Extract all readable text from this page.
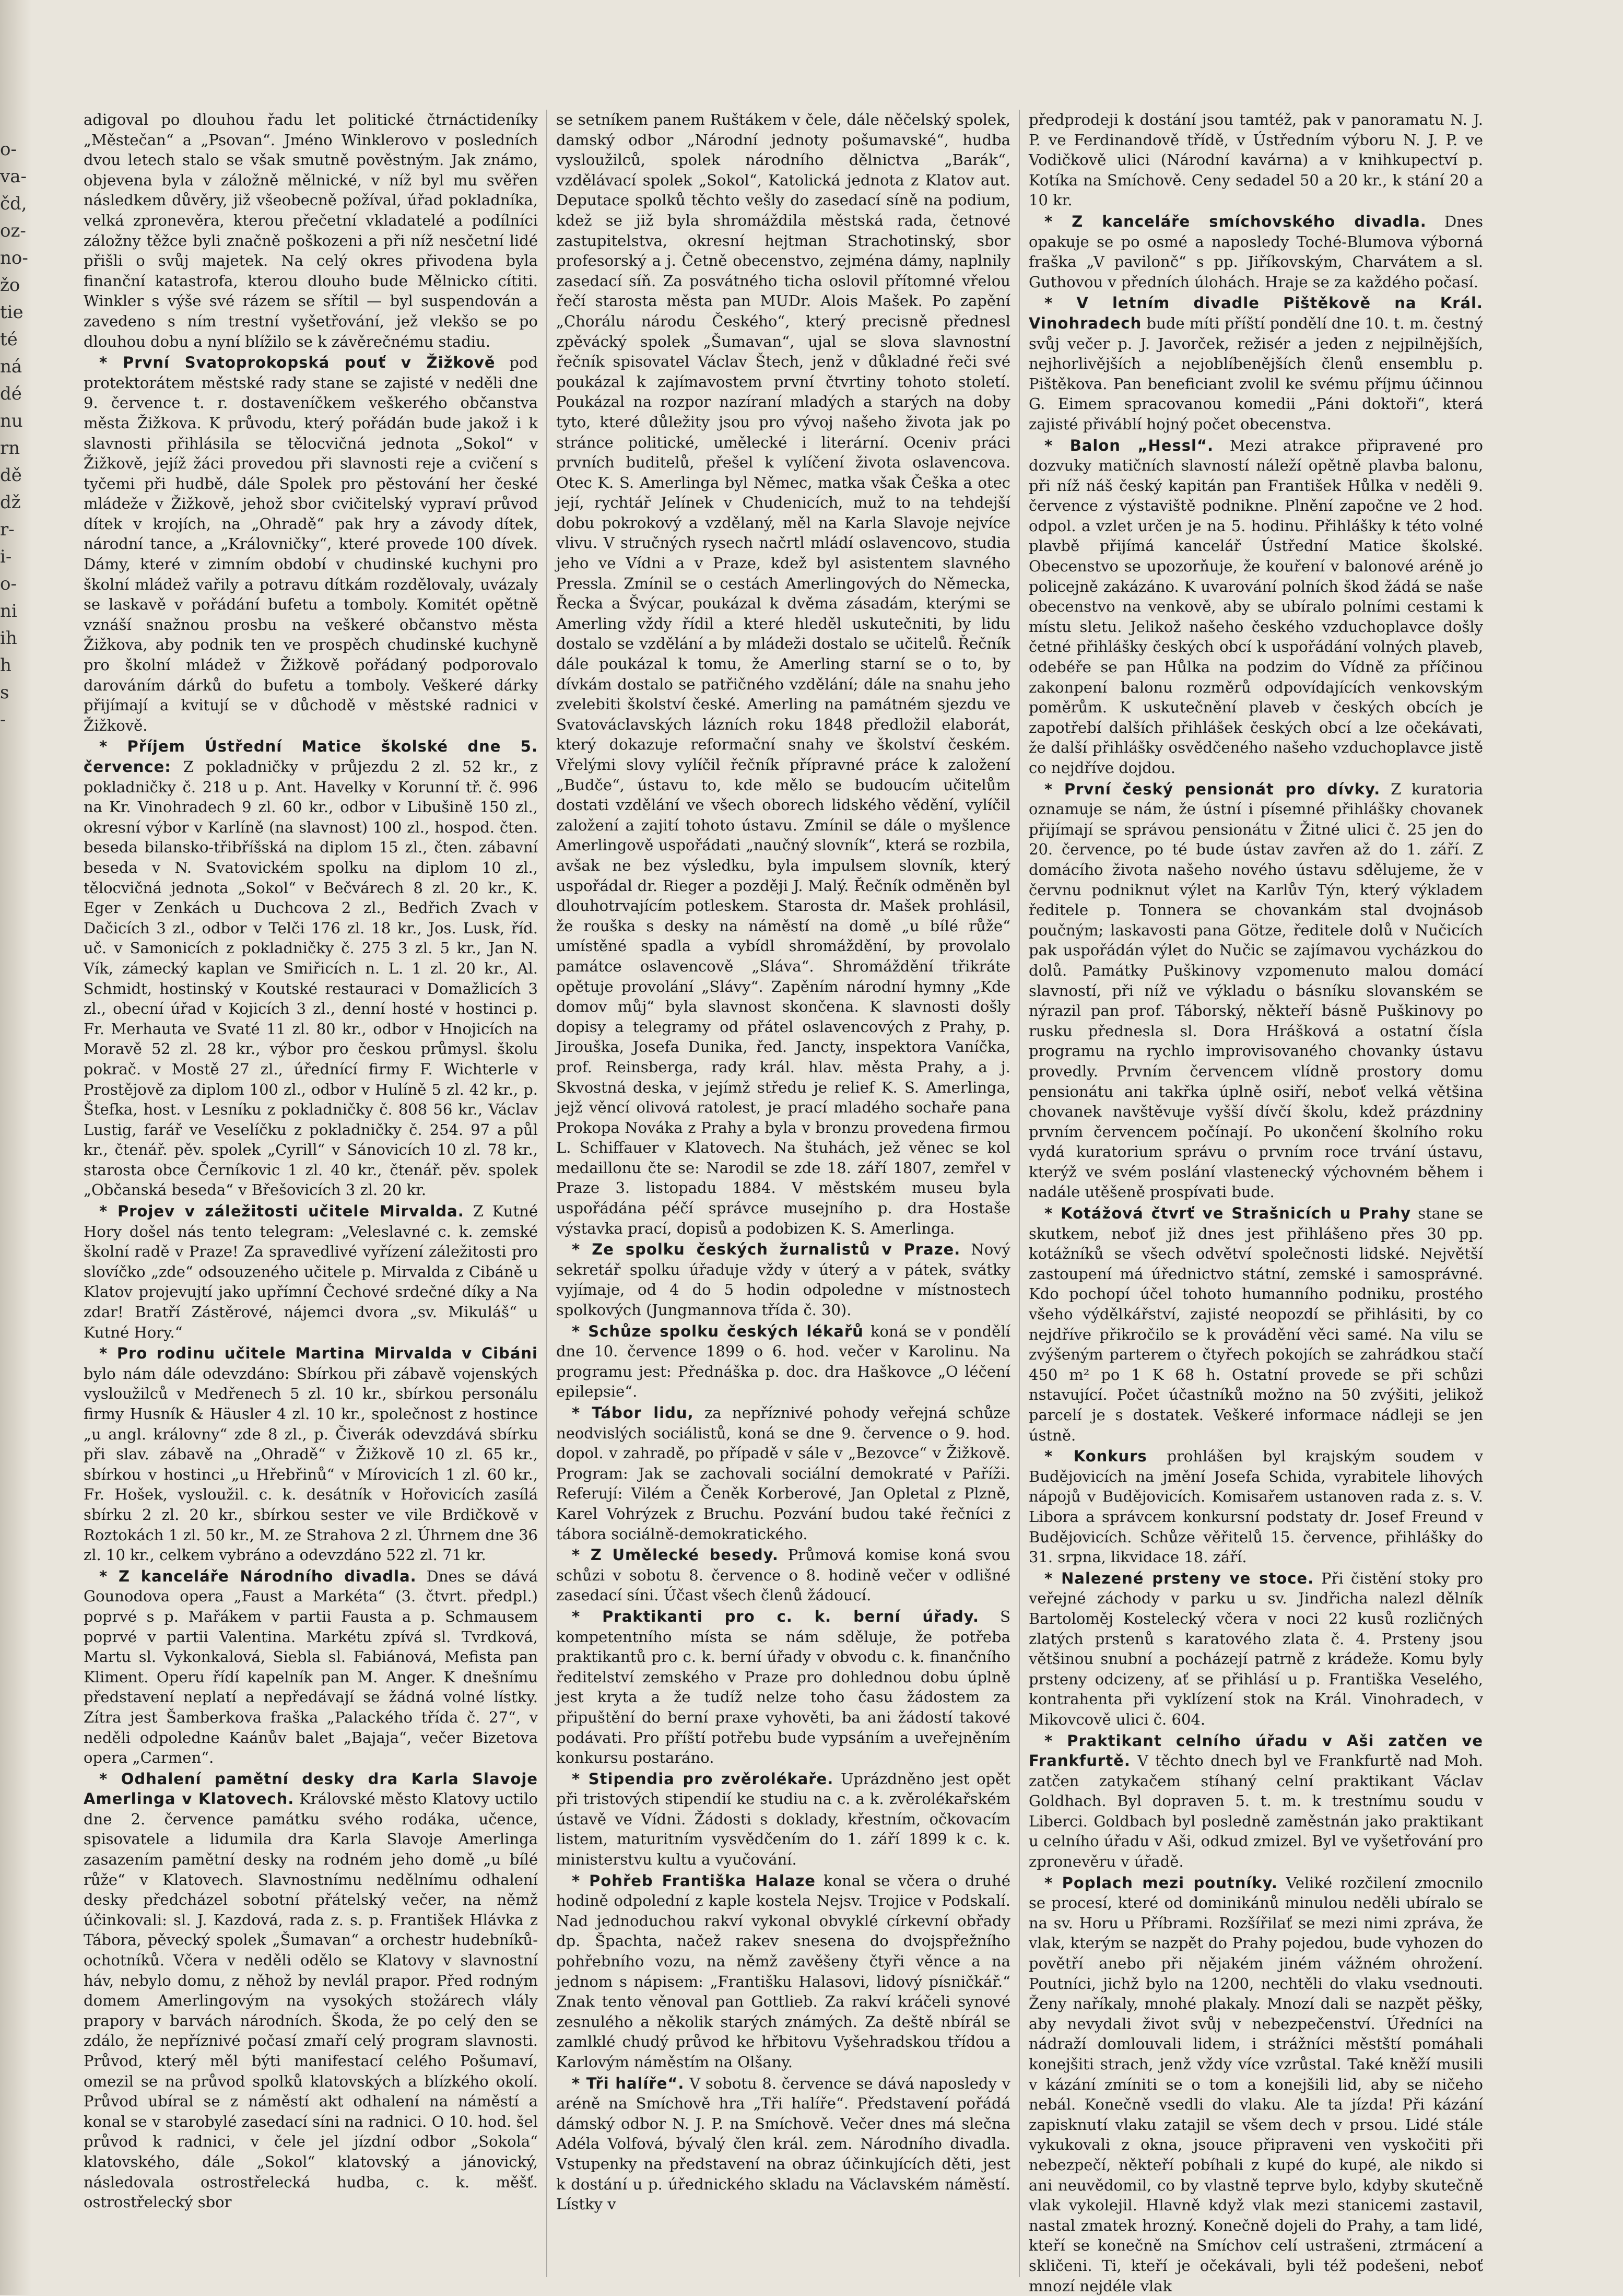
o-
va-
čd,
oz-
no-
žo
tie
té
ná
dé
nu
rn
dě
dž
r-
i-
o-
ni
ih
h
s
-

adigoval po dlouhou řadu let politické čtrnáctideníky „Městečan“ a „Psovan“. Jméno Winklerovo v posledních dvou letech stalo se však smutně pověstným. Jak známo, objevena byla v záložně mělnické, v níž byl mu svěřen následkem důvěry, již všeobecně požíval, úřad pokladníka, velká zpronevěra, kterou přečetní vkladatelé a podílníci záložny těžce byli značně poškozeni a při níž nesčetní lidé přišli o svůj majetek. Na celý okres přivodena byla finanční katastrofa, kterou dlouho bude Mělnicko cítiti. Winkler s výše své rázem se sřítil — byl suspendován a zavedeno s ním trestní vyšetřování, jež vlekšo se po dlouhou dobu a nyní blížilo se k závěrečnému stadiu.

* První Svatoprokopská pouť v Žižkově pod protektorátem městské rady stane se zajisté v neděli dne 9. července t. r. dostaveníčkem veškerého občanstva města Žižkova. K průvodu, který pořádán bude jakož i k slavnosti přihlásila se tělocvičná jednota „Sokol“ v Žižkově, jejíž žáci provedou při slavnosti reje a cvičení s tyčemi při hudbě, dále Spolek pro pěstování her české mládeže v Žižkově, jehož sbor cvičitelský vypraví průvod dítek v krojích, na „Ohradě“ pak hry a závody dítek, národní tance, a „Královničky“, které provede 100 dívek. Dámy, které v zimním období v chudinské kuchyni pro školní mládež vařily a potravu dítkám rozdělovaly, uvázaly se laskavě v pořádání bufetu a tomboly. Komitét opětně vznáší snažnou prosbu na veškeré občanstvo města Žižkova, aby podnik ten ve prospěch chudinské kuchyně pro školní mládež v Žižkově pořádaný podporovalo darováním dárků do bufetu a tomboly. Veškeré dárky přijímají a kvitují se v důchodě v městské radnici v Žižkově.

* Příjem Ústřední Matice školské dne 5. července: Z pokladničky v průjezdu 2 zl. 52 kr., z pokladničky č. 218 u p. Ant. Havelky v Korunní tř. č. 996 na Kr. Vinohradech 9 zl. 60 kr., odbor v Libušině 150 zl., okresní výbor v Karlíně (na slavnost) 100 zl., hospod. čten. beseda bilansko-třibříšská na diplom 15 zl., čten. zábavní beseda v N. Svatovickém spolku na diplom 10 zl., tělocvičná jednota „Sokol“ v Bečvárech 8 zl. 20 kr., K. Eger v Zenkách u Duchcova 2 zl., Bedřich Zvach v Dačicích 3 zl., odbor v Telči 176 zl. 18 kr., Jos. Lusk, říd. uč. v Samonicích z pokladničky č. 275 3 zl. 5 kr., Jan N. Vík, zámecký kaplan ve Smiřicích n. L. 1 zl. 20 kr., Al. Schmidt, hostinský v Koutské restauraci v Domažlicích 3 zl., obecní úřad v Kojicích 3 zl., denní hosté v hostinci p. Fr. Merhauta ve Svaté 11 zl. 80 kr., odbor v Hnojicích na Moravě 52 zl. 28 kr., výbor pro českou průmysl. školu pokrač. v Mostě 27 zl., úřednící firmy F. Wichterle v Prostějově za diplom 100 zl., odbor v Hulíně 5 zl. 42 kr., p. Štefka, host. v Lesníku z pokladničky č. 808 56 kr., Václav Lustig, farář ve Veselíčku z pokladničky č. 254. 97 a půl kr., čtenář. pěv. spolek „Cyrill“ v Sánovicích 10 zl. 78 kr., starosta obce Černíkovic 1 zl. 40 kr., čtenář. pěv. spolek „Občanská beseda“ v Břešovicích 3 zl. 20 kr.

* Projev v záležitosti učitele Mirvalda. Z Kutné Hory došel nás tento telegram: „Veleslavné c. k. zemské školní radě v Praze! Za spravedlivé vyřízení záležitosti pro slovíčko „zde“ odsouzeného učitele p. Mirvalda z Cibáně u Klatov projevujtí jako upřímní Čechové srdečné díky a Na zdar! Bratří Zástěrové, nájemci dvora „sv. Mikuláš“ u Kutné Hory.“

* Pro rodinu učitele Martina Mirvalda v Cibáni bylo nám dále odevzdáno: Sbírkou při zábavě vojenských vysloužilců v Medřenech 5 zl. 10 kr., sbírkou personálu firmy Husník & Häusler 4 zl. 10 kr., společnost z hostince „u angl. královny“ zde 8 zl., p. Čiverák odevzdává sbírku při slav. zábavě na „Ohradě“ v Žižkově 10 zl. 65 kr., sbírkou v hostinci „u Hřebřinů“ v Mírovicích 1 zl. 60 kr., Fr. Hošek, vysloužil. c. k. desátník v Hořovicích zasílá sbírku 2 zl. 20 kr., sbírkou sester ve vile Brdičkově v Roztokách 1 zl. 50 kr., M. ze Strahova 2 zl. Úhrnem dne 36 zl. 10 kr., celkem vybráno a odevzdáno 522 zl. 71 kr.

* Z kanceláře Národního divadla. Dnes se dává Gounodova opera „Faust a Markéta“ (3. čtvrt. předpl.) poprvé s p. Mařákem v partii Fausta a p. Schmausem poprvé v partii Valentina. Markétu zpívá sl. Tvrdková, Martu sl. Vykonkalová, Siebla sl. Fabiánová, Mefista pan Kliment. Operu řídí kapelník pan M. Anger. K dnešnímu představení neplatí a nepředávají se žádná volné lístky. Zítra jest Šamberkova fraška „Palackého třída č. 27“, v neděli odpoledne Kaánův balet „Bajaja“, večer Bizetova opera „Carmen“.

* Odhalení pamětní desky dra Karla Slavoje Amerlinga v Klatovech. Královské město Klatovy uctilo dne 2. července památku svého rodáka, učence, spisovatele a lidumila dra Karla Slavoje Amerlinga zasazením pamětní desky na rodném jeho domě „u bílé růže“ v Klatovech. Slavnostnímu nedělnímu odhalení desky předcházel sobotní přátelský večer, na němž účinkovali: sl. J. Kazdová, rada z. s. p. František Hlávka z Tábora, pěvecký spolek „Šumavan“ a orchestr hudebníků-ochotníků. Včera v neděli odělo se Klatovy v slavnostní háv, nebylo domu, z něhož by nevlál prapor. Před rodným domem Amerlingovým na vysokých stožárech vlály prapory v barvách národních. Škoda, že po celý den se zdálo, že nepříznivé počasí zmaří celý program slavnosti. Průvod, který měl býti manifestací celého Pošumaví, omezil se na průvod spolků klatovských a blízkého okolí. Průvod ubíral se z náměstí akt odhalení na náměstí a konal se v starobylé zasedací síni na radnici. O 10. hod. šel průvod k radnici, v čele jel jízdní odbor „Sokola“ klatovského, dále „Sokol“ klatovský a jánovický, následovala ostrostřelecká hudba, c. k. měšť. ostrostřelecký sbor

se setníkem panem Ruštákem v čele, dále něčelský spolek, damský odbor „Národní jednoty pošumavské“, hudba vysloužilců, spolek národního dělnictva „Barák“, vzdělávací spolek „Sokol“, Katolická jednota z Klatov aut. Deputace spolků těchto vešly do zasedací síně na podium, kdež se již byla shromáždila městská rada, četnové zastupitelstva, okresní hejtman Strachotinský, sbor profesorský a j. Četně obecenstvo, zejména dámy, naplnily zasedací síň. Za posvátného ticha oslovil přítomné vřelou řečí starosta města pan MUDr. Alois Mašek. Po zapění „Chorálu národu Českého“, který precisně přednesl zpěvácký spolek „Šumavan“, ujal se slova slavnostní řečník spisovatel Václav Štech, jenž v důkladné řeči své poukázal k zajímavostem první čtvrtiny tohoto století. Poukázal na rozpor nazíraní mladých a starých na doby tyto, které důležity jsou pro vývoj našeho života jak po stránce politické, umělecké i literární. Oceniv práci prvních buditelů, přešel k vylíčení života oslavencova. Otec K. S. Amerlinga byl Němec, matka však Češka a otec její, rychtář Jelínek v Chudenicích, muž to na tehdejší dobu pokrokový a vzdělaný, měl na Karla Slavoje nejvíce vlivu. V stručných rysech načrtl mládí oslavencovo, studia jeho ve Vídni a v Praze, kdež byl asistentem slavného Pressla. Zmínil se o cestách Amerlingových do Německa, Řecka a Švýcar, poukázal k dvěma zásadám, kterými se Amerling vždy řídil a které hleděl uskutečniti, by lidu dostalo se vzdělání a by mládeži dostalo se učitelů. Řečník dále poukázal k tomu, že Amerling starní se o to, by dívkám dostalo se patřičného vzdělání; dále na snahu jeho zvelebiti školství české. Amerling na památném sjezdu ve Svatováclavských lázních roku 1848 předložil elaborát, který dokazuje reformační snahy ve školství českém. Vřelými slovy vylíčil řečník přípravné práce k založení „Budče“, ústavu to, kde mělo se budoucím učitelům dostati vzdělání ve všech oborech lidského vědění, vylíčil založení a zajití tohoto ústavu. Zmínil se dále o myšlence Amerlingově uspořádati „naučný slovník“, která se rozbila, avšak ne bez výsledku, byla impulsem slovník, který uspořádal dr. Rieger a později J. Malý. Řečník odměněn byl dlouhotrvajícím potleskem. Starosta dr. Mašek prohlásil, že rouška s desky na náměstí na domě „u bílé růže“ umístěné spadla a vybídl shromáždění, by provolalo památce oslavencově „Sláva“. Shromáždění třikráte opětuje provolání „Slávy“. Zapěním národní hymny „Kde domov můj“ byla slavnost skončena. K slavnosti došly dopisy a telegramy od přátel oslavencových z Prahy, p. Jirouška, Josefa Dunika, řed. Jancty, inspektora Vaníčka, prof. Reinsberga, rady král. hlav. města Prahy, a j. Skvostná deska, v jejímž středu je relief K. S. Amerlinga, jejž věncí olivová ratolest, je prací mladého sochaře pana Prokopa Nováka z Prahy a byla v bronzu provedena firmou L. Schiffauer v Klatovech. Na štuhách, jež věnec se kol medaillonu čte se: Narodil se zde 18. září 1807, zemřel v Praze 3. listopadu 1884. V městském museu byla uspořádána péčí správce musejního p. dra Hostaše výstavka prací, dopisů a podobizen K. S. Amerlinga.

* Ze spolku českých žurnalistů v Praze. Nový sekretář spolku úřaduje vždy v úterý a v pátek, svátky vyjímaje, od 4 do 5 hodin odpoledne v místnostech spolkových (Jungmannova třída č. 30).

* Schůze spolku českých lékařů koná se v pondělí dne 10. července 1899 o 6. hod. večer v Karolinu. Na programu jest: Přednáška p. doc. dra Haškovce „O léčení epilepsie“.

* Tábor lidu, za nepříznivé pohody veřejná schůze neodvislých sociálistů, koná se dne 9. července o 9. hod. dopol. v zahradě, po případě v sále v „Bezovce“ v Žižkově. Program: Jak se zachovali sociální demokraté v Paříži. Referují: Vilém a Čeněk Korberové, Jan Opletal z Plzně, Karel Vohrýzek z Bruchu. Pozvání budou také řečníci z tábora sociálně-demokratického.

* Z Umělecké besedy. Průmová komise koná svou schůzi v sobotu 8. července o 8. hodině večer v odlišné zasedací síni. Účast všech členů žádoucí.

* Praktikanti pro c. k. berní úřady. S kompetentního místa se nám sděluje, že potřeba praktikantů pro c. k. berní úřady v obvodu c. k. finančního ředitelství zemského v Praze pro dohlednou dobu úplně jest kryta a že tudíž nelze toho času žádostem za připuštění do berní praxe vyhověti, ba ani žádostí takové podávati. Pro příští potřebu bude vypsáním a uveřejněním konkursu postaráno.

* Stipendia pro zvěrolékaře. Uprázdněno jest opět při tristových stipendií ke studiu na c. a k. zvěrolékařském ústavě ve Vídni. Žádosti s doklady, křestním, očkovacím listem, maturitním vysvědčením do 1. září 1899 k c. k. ministerstvu kultu a vyučování.

* Pohřeb Františka Halaze konal se včera o druhé hodině odpolední z kaple kostela Nejsv. Trojice v Podskalí. Nad jednoduchou rakví vykonal obvyklé církevní obřady dp. Špachta, načež rakev snesena do dvojspřežního pohřebního vozu, na němž zavěšeny čtyři věnce a na jednom s nápisem: „Františku Halasovi, lidový písničkář.“ Znak tento věnoval pan Gottlieb. Za rakví kráčeli synové zesnulého a několik starých známých. Za deště nbírál se zamlklé chudý průvod ke hřbitovu Vyšehradskou třídou a Karlovým náměstím na Olšany.

* Tři halíře“. V sobotu 8. července se dává naposledy v aréně na Smíchově hra „Tři halíře“. Představení pořádá dámský odbor N. J. P. na Smíchově. Večer dnes má slečna Adéla Volfová, bývalý člen král. zem. Národního divadla. Vstupenky na představení na obraz účinkujících děti, jest k dostání u p. úřednického skladu na Václavském náměstí. Lístky v

předprodeji k dostání jsou tamtéž, pak v panoramatu N. J. P. ve Ferdinandově třídě, v Ústředním výboru N. J. P. ve Vodičkově ulici (Národní kavárna) a v knihkupectví p. Kotíka na Smíchově. Ceny sedadel 50 a 20 kr., k stání 20 a 10 kr.

* Z kanceláře smíchovského divadla. Dnes opakuje se po osmé a naposledy Toché-Blumova výborná fraška „V pavilonč“ s pp. Jiříkovským, Charvátem a sl. Guthovou v předních úlohách. Hraje se za každého počasí.

* V letním divadle Pištěkově na Král. Vinohradech bude míti příští pondělí dne 10. t. m. čestný svůj večer p. J. Javorček, režisér a jeden z nejpilnějších, nejhorlivějších a nejoblíbenějších členů ensemblu p. Pištěkova. Pan beneficiant zvolil ke svému příjmu účinnou G. Eimem spracovanou komedii „Páni doktoři“, která zajisté přiváblí hojný počet obecenstva.

* Balon „Hessl“. Mezi atrakce připravené pro dozvuky matičních slavností náleží opětně plavba balonu, při níž náš český kapitán pan František Hůlka v neděli 9. července z výstaviště podnikne. Plnění započne ve 2 hod. odpol. a vzlet určen je na 5. hodinu. Přihlášky k této volné plavbě přijímá kancelář Ústřední Matice školské. Obecenstvo se upozorňuje, že kouření v balonové aréně jo policejně zakázáno. K uvarování polních škod žádá se naše obecenstvo na venkově, aby se ubíralo polními cestami k místu sletu. Jelikož našeho českého vzduchoplavce došly četné přihlášky českých obcí k uspořádání volných plaveb, odebéře se pan Hůlka na podzim do Vídně za příčinou zakonpení balonu rozměrů odpovídajících venkovským poměrům. K uskutečnění plaveb v českých obcích je zapotřebí dalších přihlášek českých obcí a lze očekávati, že další přihlášky osvědčeného našeho vzduchoplavce jistě co nejdříve dojdou.

* První český pensionát pro dívky. Z kuratoria oznamuje se nám, že ústní i písemné přihlášky chovanek přijímají se správou pensionátu v Žitné ulici č. 25 jen do 20. července, po té bude ústav zavřen až do 1. září. Z domácího života našeho nového ústavu sdělujeme, že v červnu podniknut výlet na Karlův Týn, který výkladem ředitele p. Tonnera se chovankám stal dvojnásob poučným; laskavosti pana Götze, ředitele dolů v Nučicích pak uspořádán výlet do Nučic se zajímavou vycházkou do dolů. Památky Puškinovy vzpomenuto malou domácí slavností, při níž ve výkladu o básníku slovanském se nýrazil pan prof. Táborský, někteří básně Puškinovy po rusku přednesla sl. Dora Hrášková a ostatní čísla programu na rychlo improvisovaného chovanky ústavu provedly. Prvním červencem vlídně prostory domu pensionátu ani takřka úplně osiří, neboť velká většina chovanek navštěvuje vyšší dívčí školu, kdež prázdniny prvním červencem počínají. Po ukončení školního roku vydá kuratorium správu o prvním roce trvání ústavu, kterýž ve svém poslání vlastenecký výchovném během i nadále utěšeně prospívati bude.

* Kotážová čtvrť ve Strašnicích u Prahy stane se skutkem, neboť již dnes jest přihlášeno přes 30 pp. kotážníků se všech odvětví společnosti lidské. Největší zastoupení má úřednictvo státní, zemské i samosprávné. Kdo pochopí účel tohoto humanního podniku, prostého všeho výdělkářství, zajisté neopozdí se přihlásiti, by co nejdříve přikročilo se k provádění věci samé. Na vilu se zvýšeným parterem o čtyřech pokojích se zahrádkou stačí 450 m² po 1 K 68 h. Ostatní provede se při schůzi nstavující. Počet účastníků možno na 50 zvýšiti, jelikož parcelí je s dostatek. Veškeré informace nádleji se jen ústně.

* Konkurs prohlášen byl krajským soudem v Budějovicích na jmění Josefa Schida, vyrabitele lihových nápojů v Budějovicích. Komisařem ustanoven rada z. s. V. Libora a správcem konkursní podstaty dr. Josef Freund v Budějovicích. Schůze věřitelů 15. července, přihlášky do 31. srpna, likvidace 18. září.

* Nalezené prsteny ve stoce. Při čistění stoky pro veřejné záchody v parku u sv. Jindřicha nalezl dělník Bartoloměj Kostelecký včera v noci 22 kusů rozličných zlatých prstenů s karatového zlata č. 4. Prsteny jsou většinou snubní a pocházejí patrně z krádeže. Komu byly prsteny odcizeny, ať se přihlásí u p. Františka Veselého, kontrahenta při vyklízení stok na Král. Vinohradech, v Mikovcově ulici č. 604.

* Praktikant celního úřadu v Aši zatčen ve Frankfurtě. V těchto dnech byl ve Frankfurtě nad Moh. zatčen zatykačem stíhaný celní praktikant Václav Goldhach. Byl dopraven 5. t. m. k trestnímu soudu v Liberci. Goldbach byl posledně zaměstnán jako praktikant u celního úřadu v Aši, odkud zmizel. Byl ve vyšetřování pro zpronevěru v úřadě.

* Poplach mezi poutníky. Veliké rozčilení zmocnilo se procesí, které od dominikánů minulou neděli ubíralo se na sv. Horu u Příbrami. Rozšířilať se mezi nimi zpráva, že vlak, kterým se nazpět do Prahy pojedou, bude vyhozen do povětří anebo při nějakém jiném vážném ohrožení. Poutníci, jichž bylo na 1200, nechtěli do vlaku vsednouti. Ženy naříkaly, mnohé plakaly. Mnozí dali se nazpět pěšky, aby nevydali život svůj v nebezpečenství. Úředníci na nádraží domlouvali lidem, i strážníci městští pomáhali konejšiti strach, jenž vždy více vzrůstal. Také kněží musili v kázání zmíniti se o tom a konejšili lid, aby se ničeho nebál. Konečně vsedli do vlaku. Ale ta jízda! Při kázání zapisknutí vlaku zatajil se všem dech v prsou. Lidé stále vykukovali z okna, jsouce připraveni ven vyskočiti při nebezpečí, někteří pobíhali z kupé do kupé, ale nikdo si ani neuvědomil, co by vlastně teprve bylo, kdyby skutečně vlak vykolejil. Hlavně když vlak mezi stanicemi zastavil, nastal zmatek hrozný. Konečně dojeli do Prahy, a tam lidé, kteří se konečně na Smíchov celí ustrašeni, ztrmácení a skličeni. Ti, kteří je očekávali, byli též podešeni, neboť mnozí nejdéle vlak
